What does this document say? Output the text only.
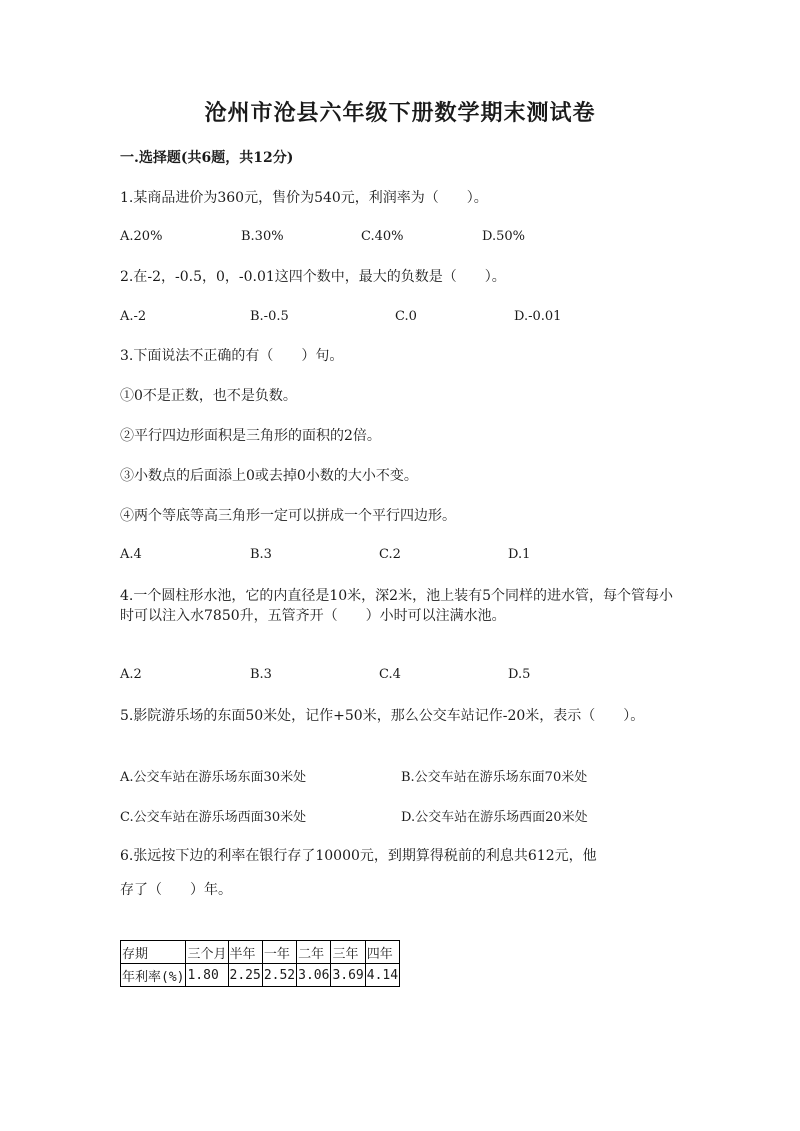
沧州市沧县六年级下册数学期末测试卷
一.选择题(共6题，共12分)
1.某商品进价为360元，售价为540元，利润率为（　　）。
A.20%	B.30%	C.40%	D.50%
2.在-2，-0.5，0，-0.01这四个数中，最大的负数是（　　）。
A.-2	B.-0.5	C.0	D.-0.01
3.下面说法不正确的有（　　）句。
①0不是正数，也不是负数。
②平行四边形面积是三角形的面积的2倍。
③小数点的后面添上0或去掉0小数的大小不变。
④两个等底等高三角形一定可以拼成一个平行四边形。
A.4	B.3	C.2	D.1
4.一个圆柱形水池，它的内直径是10米，深2米，池上装有5个同样的进水管，每个管每小时可以注入水7850升，五管齐开（　　）小时可以注满水池。
A.2	B.3	C.4	D.5
5.影院游乐场的东面50米处，记作+50米，那么公交车站记作-20米，表示（　　）。
A.公交车站在游乐场东面30米处	B.公交车站在游乐场东面70米处
C.公交车站在游乐场西面30米处	D.公交车站在游乐场西面20米处
6.张远按下边的利率在银行存了10000元，到期算得税前的利息共612元，他
存了（　　）年。
存期	三个月	半年	一年	二年	三年	四年
年利率(%)	1.80	2.25	2.52	3.06	3.69	4.14
